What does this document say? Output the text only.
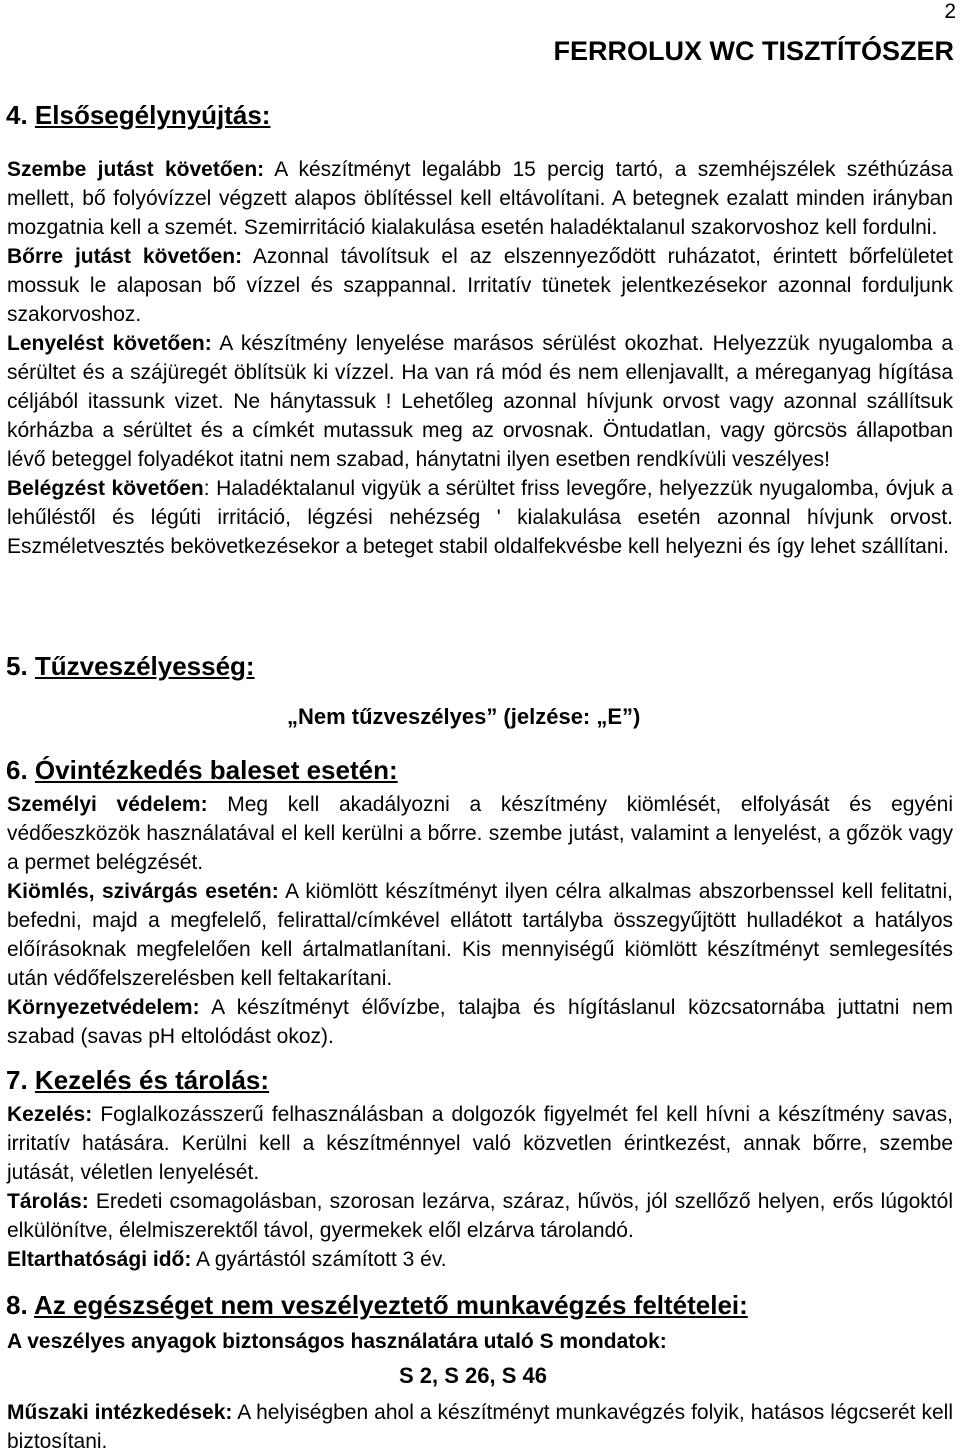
2
FERROLUX WC TISZTÍTÓSZER
4. Elsősegélynyújtás:

Szembe jutást követően: A készítményt legalább 15 percig tartó, a szemhéjszélek széthúzása mellett, bő folyóvízzel végzett alapos öblítéssel kell eltávolítani. A betegnek ezalatt minden irányban mozgatnia kell a szemét. Szemirritáció kialakulása esetén haladéktalanul szakorvoshoz kell fordulni.

Bőrre jutást követően: Azonnal távolítsuk el az elszennyeződött ruházatot, érintett bőrfelületet mossuk le alaposan bő vízzel és szappannal. Irritatív tünetek jelentkezésekor azonnal forduljunk szakorvoshoz.

Lenyelést követően: A készítmény lenyelése marásos sérülést okozhat. Helyezzük nyugalomba a sérültet és a szájüregét öblítsük ki vízzel. Ha van rá mód és nem ellenjavallt, a méreganyag hígítása céljából itassunk vizet. Ne hánytassuk ! Lehetőleg azonnal hívjunk orvost vagy azonnal szállítsuk kórházba a sérültet és a címkét mutassuk meg az orvosnak. Öntudatlan, vagy görcsös állapotban lévő beteggel folyadékot itatni nem szabad, hánytatni ilyen esetben rendkívüli veszélyes!

Belégzést követően: Haladéktalanul vigyük a sérültet friss levegőre, helyezzük nyugalomba, óvjuk a lehűléstől és légúti irritáció, légzési nehézség ' kialakulása esetén azonnal hívjunk orvost. Eszméletvesztés bekövetkezésekor a beteget stabil oldalfekvésbe kell helyezni és így lehet szállítani.

5. Tűzveszélyesség:
„Nem tűzveszélyes” (jelzése: „E”)
6. Óvintézkedés baleset esetén:

Személyi védelem: Meg kell akadályozni a készítmény kiömlését, elfolyását és egyéni védőeszközök használatával el kell kerülni a bőrre. szembe jutást, valamint a lenyelést, a gőzök vagy a permet belégzését.

Kiömlés, szivárgás esetén: A kiömlött készítményt ilyen célra alkalmas abszorbenssel kell felitatni, befedni, majd a megfelelő, felirattal/címkével ellátott tartályba összegyűjtött hulladékot a hatályos előírásoknak megfelelően kell ártalmatlanítani. Kis mennyiségű kiömlött készítményt semlegesítés után védőfelszerelésben kell feltakarítani.

Környezetvédelem: A készítményt élővízbe, talajba és hígításlanul közcsatornába juttatni nem szabad (savas pH eltolódást okoz).

7. Kezelés és tárolás:

Kezelés: Foglalkozásszerű felhasználásban a dolgozók figyelmét fel kell hívni a készítmény savas, irritatív hatására. Kerülni kell a készítménnyel való közvetlen érintkezést, annak bőrre, szembe jutását, véletlen lenyelését.

Tárolás: Eredeti csomagolásban, szorosan lezárva, száraz, hűvös, jól szellőző helyen, erős lúgoktól elkülönítve, élelmiszerektől távol, gyermekek elől elzárva tárolandó.

Eltarthatósági idő: A gyártástól számított 3 év.

8. Az egészséget nem veszélyeztető munkavégzés feltételei:
A veszélyes anyagok biztonságos használatára utaló S mondatok:
S 2, S 26, S 46

Műszaki intézkedések: A helyiségben ahol a készítményt munkavégzés folyik, hatásos légcserét kell biztosítani.
